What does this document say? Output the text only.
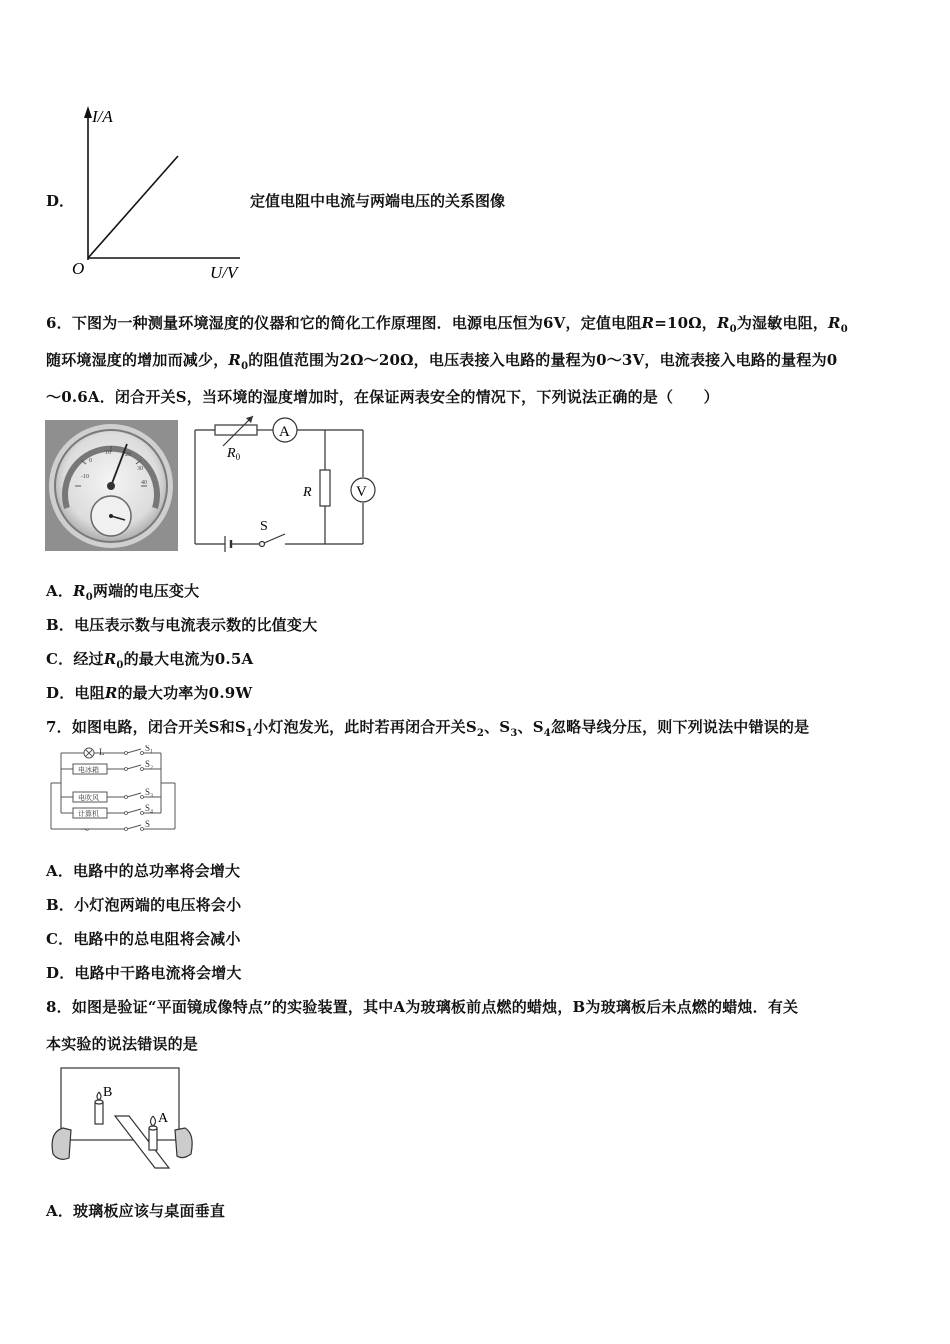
I/A
O	U/V
D．	定值电阻中电流与两端电压的关系图像
6．下图为一种测量环境湿度的仪器和它的简化工作原理图．电源电压恒为6V，定值电阻R=10Ω，$R_0$为湿敏电阻，$R_0$
随环境湿度的增加而减少，$R_0$的阻值范围为2Ω～20Ω，电压表接入电路的量程为0～3V，电流表接入电路的量程为0
～0.6A．闭合开关S，当环境的湿度增加时，在保证两表安全的情况下，下列说法正确的是（　　）
-10
0
10 20
30
40
A
V
$R_0$
R
S
A．$R_0$两端的电压变大
B．电压表示数与电流表示数的比值变大
C．经过$R_0$的最大电流为0.5A
D．电阻R的最大功率为0.9W
7．如图电路，闭合开关S和$S_1$小灯泡发光，此时若再闭合开关$S_2$、$S_3$、$S_4$忽略导线分压，则下列说法中错误的是
L	S₁
S₂
S₃
S₄
S
～
电冰箱
电吹风
计算机
A．电路中的总功率将会增大
B．小灯泡两端的电压将会小
C．电路中的总电阻将会减小
D．电路中干路电流将会增大
8．如图是验证“平面镜成像特点”的实验装置，其中A为玻璃板前点燃的蜡烛，B为玻璃板后未点燃的蜡烛．有关
本实验的说法错误的是
B
A
A．玻璃板应该与桌面垂直
